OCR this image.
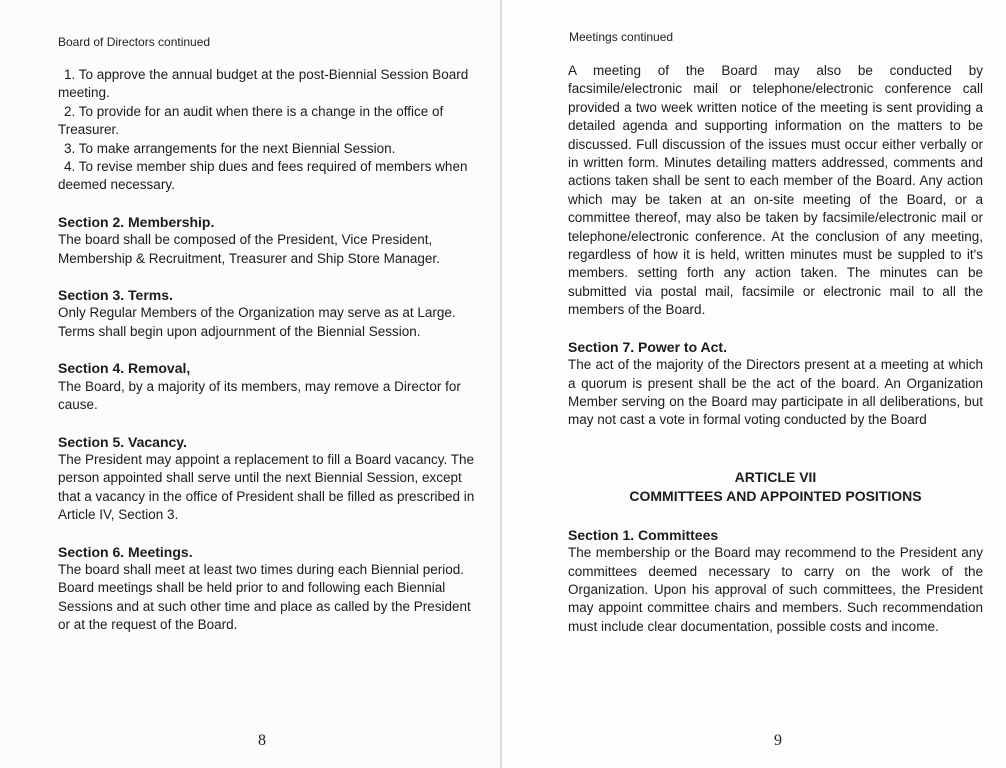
Board of Directors continued

1. To approve the annual budget at the post-Biennial Session Board meeting.

2. To provide for an audit when there is a change in the office of Treasurer.

3. To make arrangements for the next Biennial Session.

4. To revise member ship dues and fees required of members when deemed necessary.

Section 2. Membership.

The board shall be composed of the President, Vice President, Membership & Recruitment, Treasurer and Ship Store Manager.

Section 3. Terms.

Only Regular Members of the Organization may serve as at Large. Terms shall begin upon adjournment of the Biennial Session.

Section 4. Removal,

The Board, by a majority of its members, may remove a Director for cause.

Section 5. Vacancy.

The President may appoint a replacement to fill a Board vacancy. The person appointed shall serve until the next Biennial Session, except that a vacancy in the office of President shall be filled as prescribed in Article IV, Section 3.

Section 6. Meetings.

The board shall meet at least two times during each Biennial period. Board meetings shall be held prior to and following each Biennial Sessions and at such other time and place as called by the President or at the request of the Board.

8
Meetings continued

A meeting of the Board may also be conducted by facsimile/electronic mail or telephone/electronic conference call provided a two week written notice of the meeting is sent providing a detailed agenda and supporting information on the matters to be discussed. Full discussion of the issues must occur either verbally or in written form. Minutes detailing matters addressed, comments and actions taken shall be sent to each member of the Board. Any action which may be taken at an on-site meeting of the Board, or a committee thereof, may also be taken by facsimile/electronic mail or telephone/electronic conference. At the conclusion of any meeting, regardless of how it is held, written minutes must be suppled to it's members. setting forth any action taken. The minutes can be submitted via postal mail, facsimile or electronic mail to all the members of the Board.

Section 7. Power to Act.

The act of the majority of the Directors present at a meeting at which a quorum is present shall be the act of the board. An Organization Member serving on the Board may participate in all deliberations, but may not cast a vote in formal voting conducted by the Board

ARTICLE VII

COMMITTEES AND APPOINTED POSITIONS

Section 1. Committees

The membership or the Board may recommend to the President any committees deemed necessary to carry on the work of the Organization. Upon his approval of such committees, the President may appoint committee chairs and members. Such recommendation must include clear documentation, possible costs and income.

9
